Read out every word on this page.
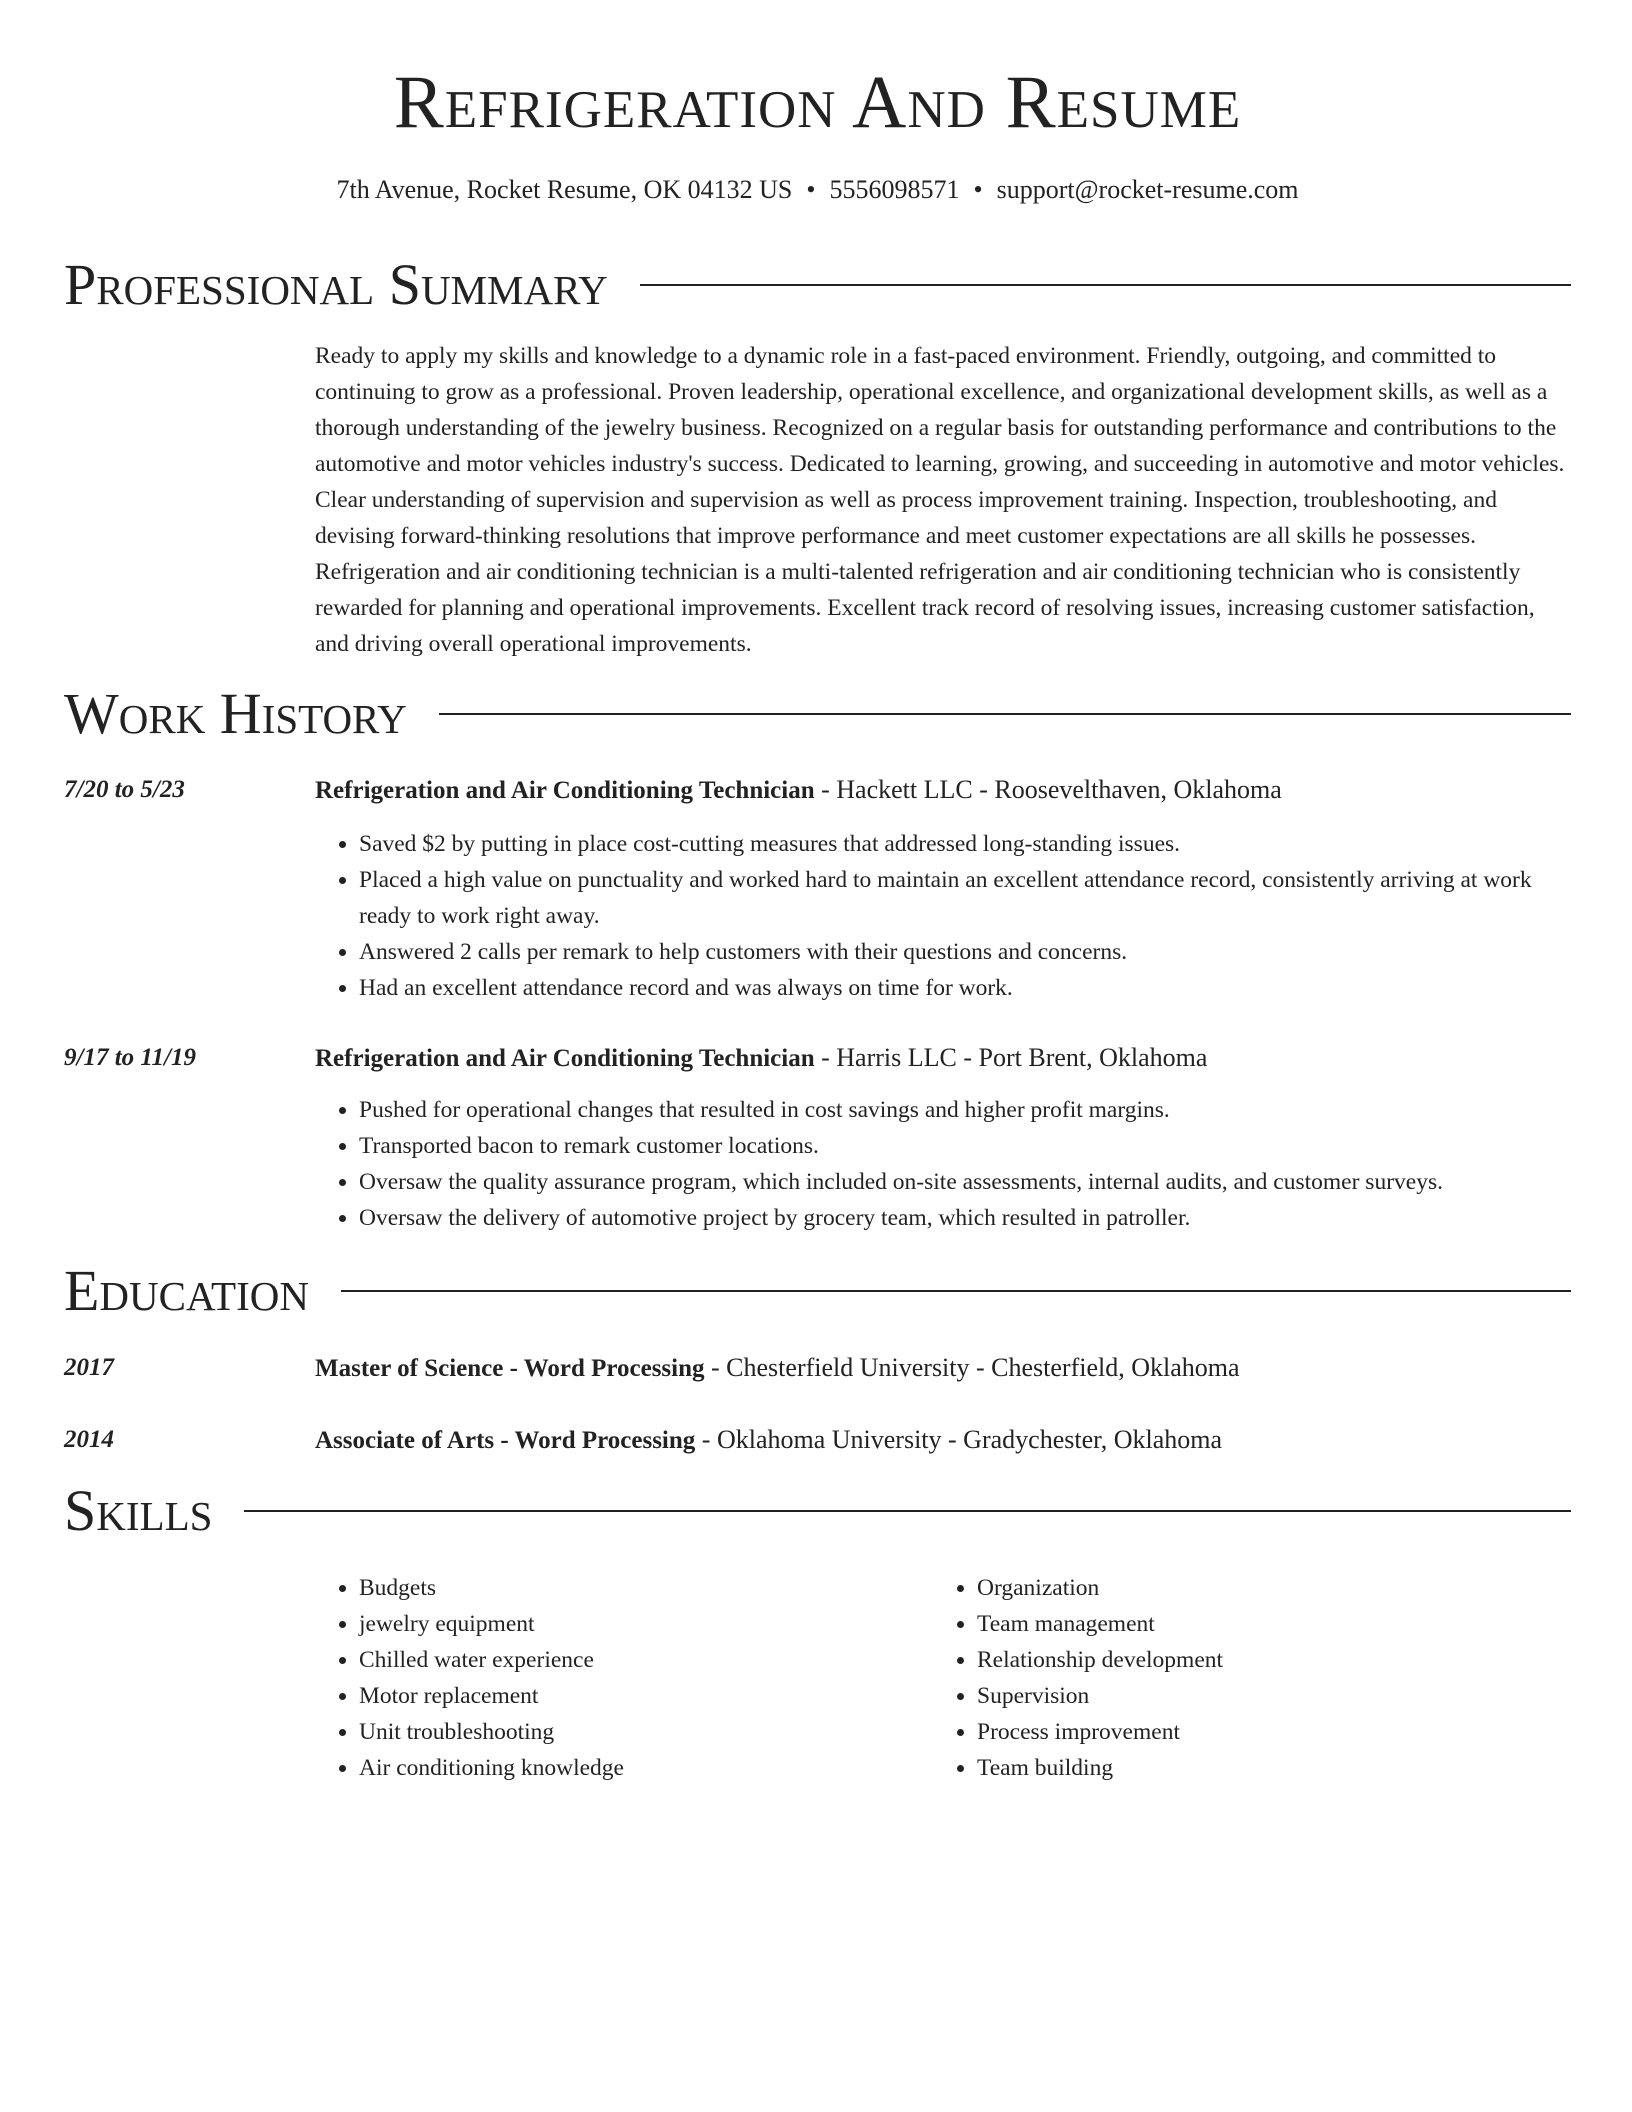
Refrigeration And Resume
7th Avenue, Rocket Resume, OK 04132 US • 5556098571 • support@rocket-resume.com
Professional Summary

Ready to apply my skills and knowledge to a dynamic role in a fast-paced environment. Friendly, outgoing, and committed to continuing to grow as a professional. Proven leadership, operational excellence, and organizational development skills, as well as a thorough understanding of the jewelry business. Recognized on a regular basis for outstanding performance and contributions to the automotive and motor vehicles industry's success. Dedicated to learning, growing, and succeeding in automotive and motor vehicles. Clear understanding of supervision and supervision as well as process improvement training. Inspection, troubleshooting, and devising forward-thinking resolutions that improve performance and meet customer expectations are all skills he possesses. Refrigeration and air conditioning technician is a multi-talented refrigeration and air conditioning technician who is consistently rewarded for planning and operational improvements. Excellent track record of resolving issues, increasing customer satisfaction, and driving overall operational improvements.

Work History
7/20 to 5/23	Refrigeration and Air Conditioning Technician - Hackett LLC - Roosevelthaven, Oklahoma
• Saved $2 by putting in place cost-cutting measures that addressed long-standing issues.
• Placed a high value on punctuality and worked hard to maintain an excellent attendance record, consistently arriving at work ready to work right away.
• Answered 2 calls per remark to help customers with their questions and concerns.
• Had an excellent attendance record and was always on time for work.
9/17 to 11/19	Refrigeration and Air Conditioning Technician - Harris LLC - Port Brent, Oklahoma
• Pushed for operational changes that resulted in cost savings and higher profit margins.
• Transported bacon to remark customer locations.
• Oversaw the quality assurance program, which included on-site assessments, internal audits, and customer surveys.
• Oversaw the delivery of automotive project by grocery team, which resulted in patroller.
Education
2017	Master of Science - Word Processing - Chesterfield University - Chesterfield, Oklahoma
2014	Associate of Arts - Word Processing - Oklahoma University - Gradychester, Oklahoma
Skills
• Budgets
• jewelry equipment
• Chilled water experience
• Motor replacement
• Unit troubleshooting
• Air conditioning knowledge
• Organization
• Team management
• Relationship development
• Supervision
• Process improvement
• Team building
